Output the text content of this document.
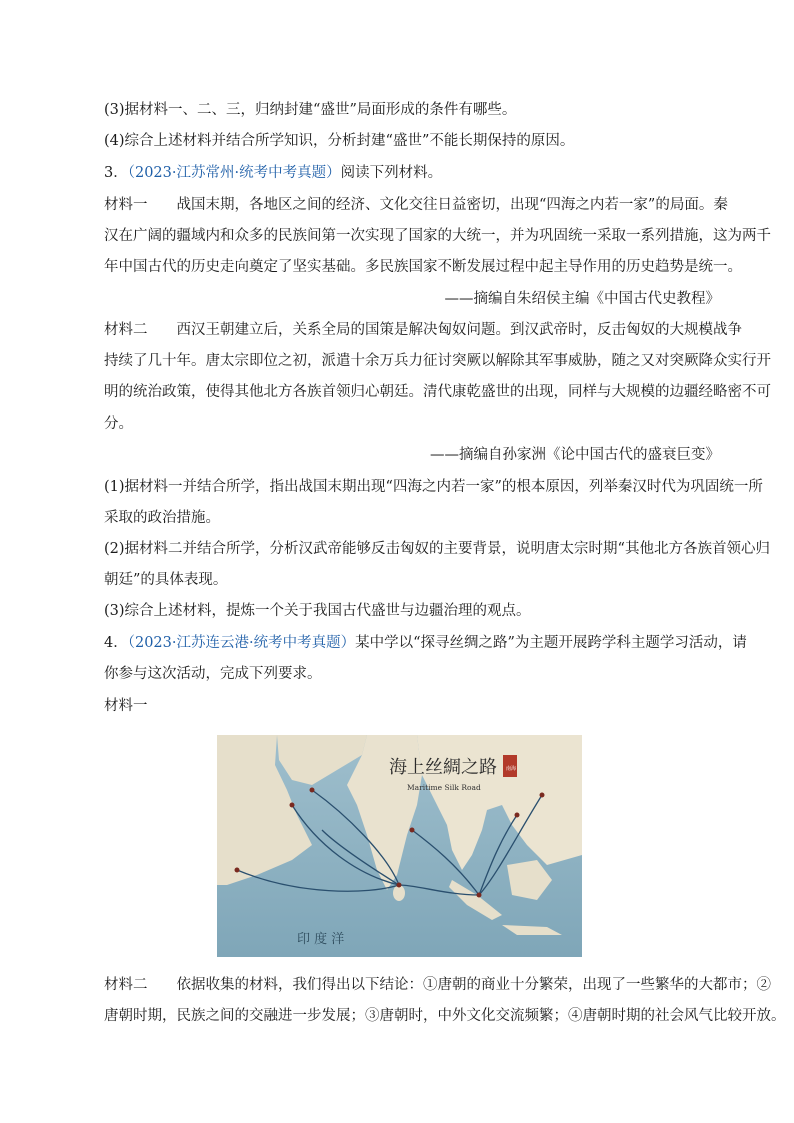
(3)据材料一、二、三，归纳封建“盛世”局面形成的条件有哪些。
(4)综合上述材料并结合所学知识，分析封建“盛世”不能长期保持的原因。
3．（2023·江苏常州·统考中考真题）阅读下列材料。
材料一　　战国末期，各地区之间的经济、文化交往日益密切，出现“四海之内若一家”的局面。秦
汉在广阔的疆域内和众多的民族间第一次实现了国家的大统一，并为巩固统一采取一系列措施，这为两千
年中国古代的历史走向奠定了坚实基础。多民族国家不断发展过程中起主导作用的历史趋势是统一。
——摘编自朱绍侯主编《中国古代史教程》
材料二　　西汉王朝建立后，关系全局的国策是解决匈奴问题。到汉武帝时，反击匈奴的大规模战争
持续了几十年。唐太宗即位之初，派遣十余万兵力征讨突厥以解除其军事威胁，随之又对突厥降众实行开
明的统治政策，使得其他北方各族首领归心朝廷。清代康乾盛世的出现，同样与大规模的边疆经略密不可
分。
——摘编自孙家洲《论中国古代的盛衰巨变》
(1)据材料一并结合所学，指出战国末期出现“四海之内若一家”的根本原因，列举秦汉时代为巩固统一所
采取的政治措施。
(2)据材料二并结合所学，分析汉武帝能够反击匈奴的主要背景，说明唐太宗时期“其他北方各族首领心归
朝廷”的具体表现。
(3)综合上述材料，提炼一个关于我国古代盛世与边疆治理的观点。
4．（2023·江苏连云港·统考中考真题）某中学以“探寻丝绸之路”为主题开展跨学科主题学习活动，请
你参与这次活动，完成下列要求。
材料一
海上丝綢之路
Maritime Silk Road
南海
印 度 洋
材料二　　依据收集的材料，我们得出以下结论：①唐朝的商业十分繁荣，出现了一些繁华的大都市；②
唐朝时期，民族之间的交融进一步发展；③唐朝时，中外文化交流频繁；④唐朝时期的社会风气比较开放。
